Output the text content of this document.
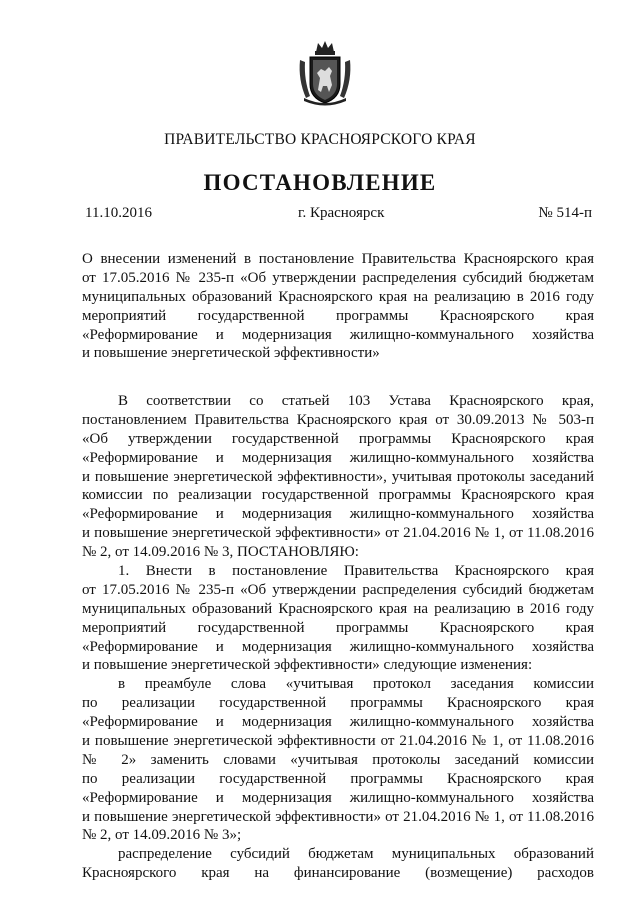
ПРАВИТЕЛЬСТВО КРАСНОЯРСКОГО КРАЯ
ПОСТАНОВЛЕНИЕ
11.10.2016	г. Красноярск	№ 514-п
О внесении изменений в постановление Правительства Красноярского края
от 17.05.2016 № 235-п «Об утверждении распределения субсидий бюджетам
муниципальных образований Красноярского края на реализацию в 2016 году
мероприятий государственной программы Красноярского края
«Реформирование и модернизация жилищно-коммунального хозяйства
и повышение энергетической эффективности»
В соответствии со статьей 103 Устава Красноярского края,
постановлением Правительства Красноярского края от 30.09.2013 № 503-п
«Об утверждении государственной программы Красноярского края
«Реформирование и модернизация жилищно-коммунального хозяйства
и повышение энергетической эффективности», учитывая протоколы заседаний
комиссии по реализации государственной программы Красноярского края
«Реформирование и модернизация жилищно-коммунального хозяйства
и повышение энергетической эффективности» от 21.04.2016 № 1, от 11.08.2016
№ 2, от 14.09.2016 № 3, ПОСТАНОВЛЯЮ:
1. Внести в постановление Правительства Красноярского края
от 17.05.2016 № 235-п «Об утверждении распределения субсидий бюджетам
муниципальных образований Красноярского края на реализацию в 2016 году
мероприятий государственной программы Красноярского края
«Реформирование и модернизация жилищно-коммунального хозяйства
и повышение энергетической эффективности» следующие изменения:
в преамбуле слова «учитывая протокол заседания комиссии
по реализации государственной программы Красноярского края
«Реформирование и модернизация жилищно-коммунального хозяйства
и повышение энергетической эффективности от 21.04.2016 № 1, от 11.08.2016
№ 2» заменить словами «учитывая протоколы заседаний комиссии
по реализации государственной программы Красноярского края
«Реформирование и модернизация жилищно-коммунального хозяйства
и повышение энергетической эффективности» от 21.04.2016 № 1, от 11.08.2016
№ 2, от 14.09.2016 № 3»;
распределение субсидий бюджетам муниципальных образований
Красноярского края на финансирование (возмещение) расходов
